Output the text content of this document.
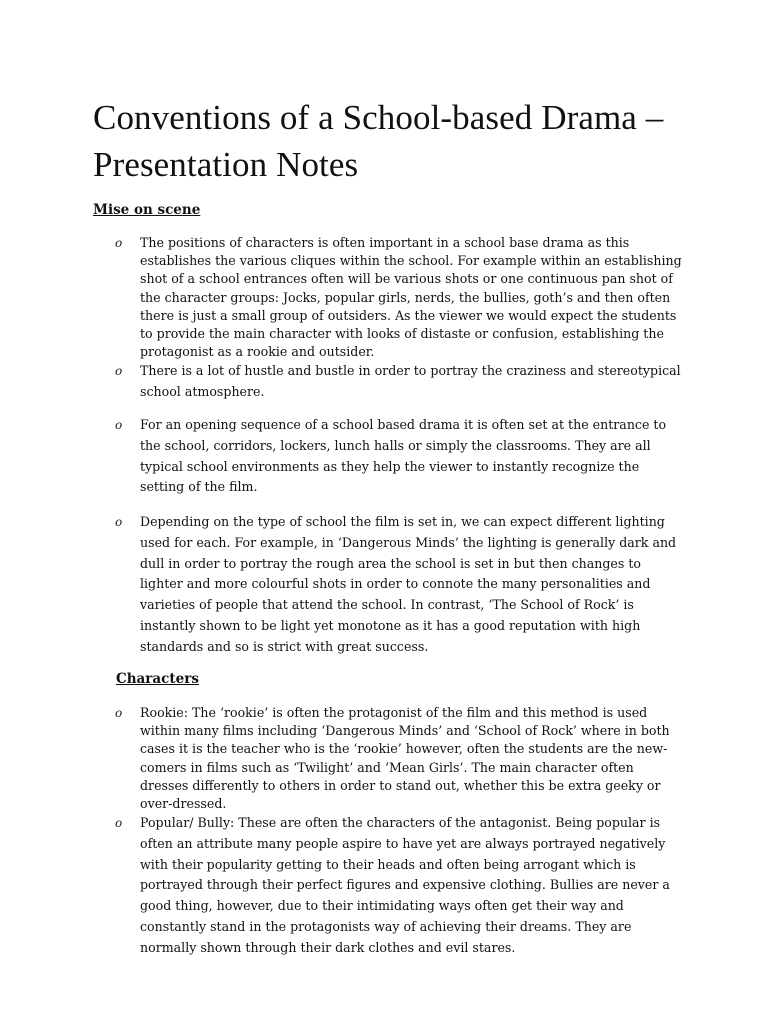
Conventions of a School-based Drama – Presentation Notes
Mise on scene
o The positions of characters is often important in a school base drama as this establishes the various cliques within the school. For example within an establishing shot of a school entrances often will be various shots or one continuous pan shot of the character groups: Jocks, popular girls, nerds, the bullies, goth’s and then often there is just a small group of outsiders. As the viewer we would expect the students to provide the main character with looks of distaste or confusion, establishing the protagonist as a rookie and outsider.

o There is a lot of hustle and bustle in order to portray the craziness and stereotypical school atmosphere.

o For an opening sequence of a school based drama it is often set at the entrance to the school, corridors, lockers, lunch halls or simply the classrooms. They are all typical school environments as they help the viewer to instantly recognize the setting of the film.

o Depending on the type of school the film is set in, we can expect different lighting used for each. For example, in ‘Dangerous Minds’ the lighting is generally dark and dull in order to portray the rough area the school is set in but then changes to lighter and more colourful shots in order to connote the many personalities and varieties of people that attend the school. In contrast, ‘The School of Rock’ is instantly shown to be light yet monotone as it has a good reputation with high standards and so is strict with great success.

Characters
o Rookie: The ‘rookie’ is often the protagonist of the film and this method is used within many films including ‘Dangerous Minds’ and ‘School of Rock’ where in both cases it is the teacher who is the ‘rookie’ however, often the students are the new-comers in films such as ‘Twilight’ and ‘Mean Girls’. The main character often dresses differently to others in order to stand out, whether this be extra geeky or over-dressed.

o Popular/ Bully: These are often the characters of the antagonist. Being popular is often an attribute many people aspire to have yet are always portrayed negatively with their popularity getting to their heads and often being arrogant which is portrayed through their perfect figures and expensive clothing. Bullies are never a good thing, however, due to their intimidating ways often get their way and constantly stand in the protagonists way of achieving their dreams. They are normally shown through their dark clothes and evil stares.
